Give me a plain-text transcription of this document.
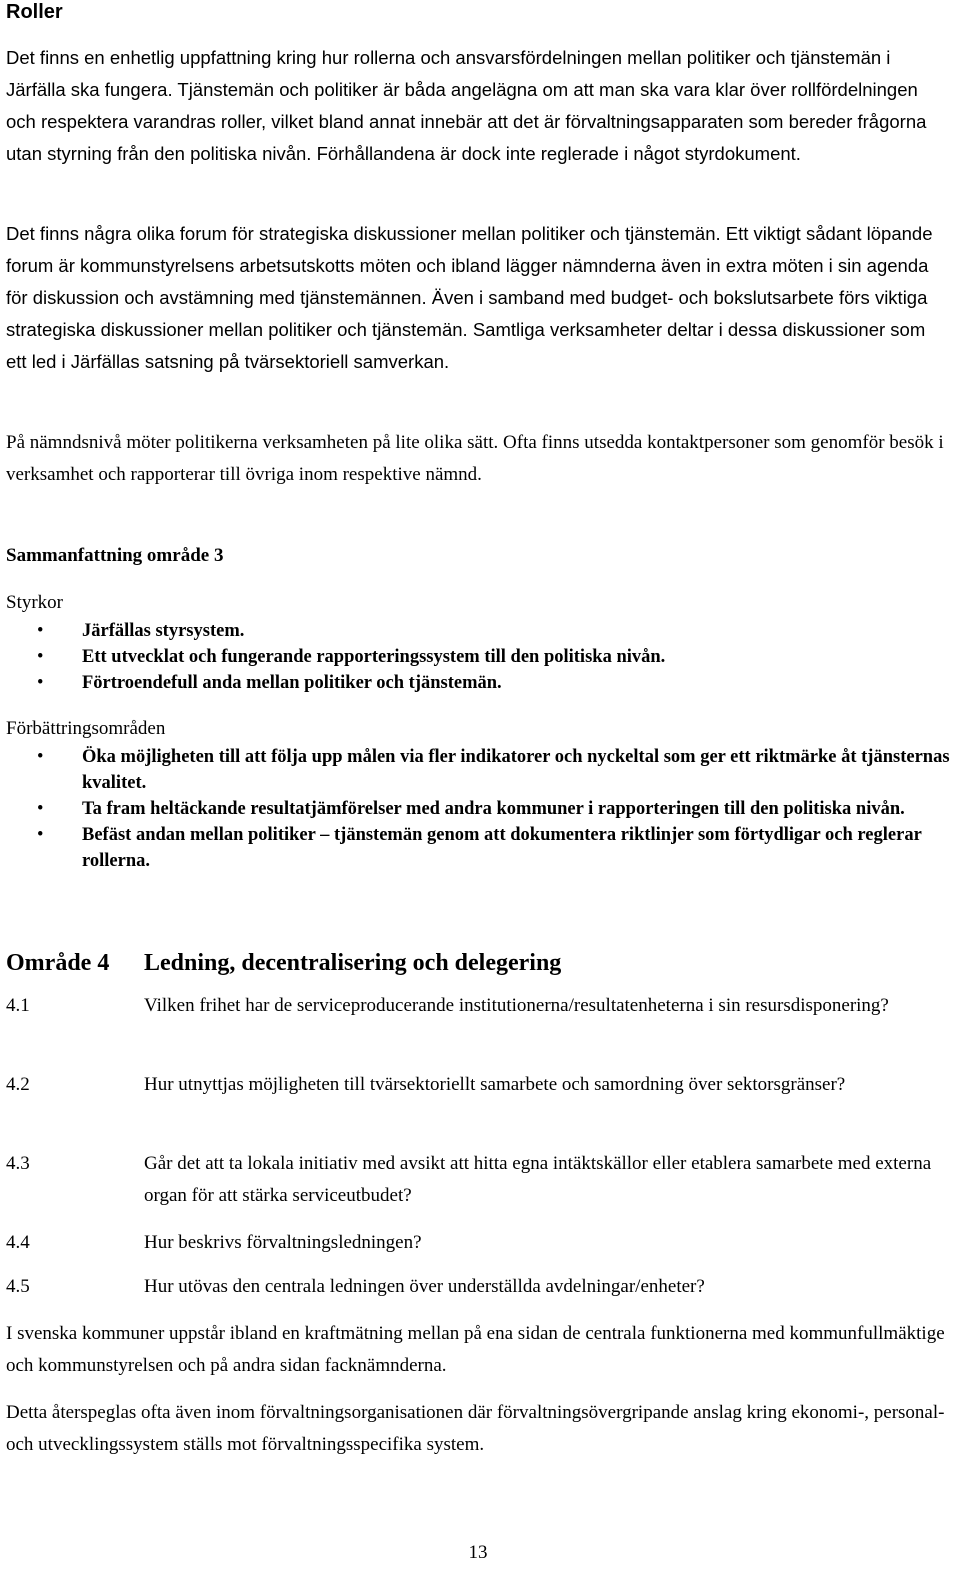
Roller

Det finns en enhetlig uppfattning kring hur rollerna och ansvarsfördelningen mellan politiker och tjänstemän i Järfälla ska fungera. Tjänstemän och politiker är båda angelägna om att man ska vara klar över rollfördelningen och respektera varandras roller, vilket bland annat innebär att det är förvaltningsapparaten som bereder frågorna utan styrning från den politiska nivån. Förhållandena är dock inte reglerade i något styrdokument.

Det finns några olika forum för strategiska diskussioner mellan politiker och tjänstemän. Ett viktigt sådant löpande forum är kommunstyrelsens arbetsutskotts möten och ibland lägger nämnderna även in extra möten i sin agenda för diskussion och avstämning med tjänstemännen. Även i samband med budget- och bokslutsarbete förs viktiga strategiska diskussioner mellan politiker och tjänstemän. Samtliga verksamheter deltar i dessa diskussioner som ett led i Järfällas satsning på tvärsektoriell samverkan.

På nämndsnivå möter politikerna verksamheten på lite olika sätt. Ofta finns utsedda kontaktpersoner som genomför besök i verksamhet och rapporterar till övriga inom respektive nämnd.

Sammanfattning område 3

Styrkor

• Järfällas styrsystem.
• Ett utvecklat och fungerande rapporteringssystem till den politiska nivån.
• Förtroendefull anda mellan politiker och tjänstemän.

Förbättringsområden

• Öka möjligheten till att följa upp målen via fler indikatorer och nyckeltal som ger ett riktmärke åt tjänsternas kvalitet.
• Ta fram heltäckande resultatjämförelser med andra kommuner i rapporteringen till den politiska nivån.
• Befäst andan mellan politiker – tjänstemän genom att dokumentera riktlinjer som förtydligar och reglerar rollerna.
Område 4 Ledning, decentralisering och delegering
4.1	Vilken frihet har de serviceproducerande institutionerna/resultatenheterna i sin resursdisponering?
4.2	Hur utnyttjas möjligheten till tvärsektoriellt samarbete och samordning över sektorsgränser?
4.3	Går det att ta lokala initiativ med avsikt att hitta egna intäktskällor eller etablera samarbete med externa organ för att stärka serviceutbudet?
4.4	Hur beskrivs förvaltningsledningen?
4.5	Hur utövas den centrala ledningen över underställda avdelningar/enheter?

I svenska kommuner uppstår ibland en kraftmätning mellan på ena sidan de centrala funktionerna med kommunfullmäktige och kommunstyrelsen och på andra sidan facknämnderna.

Detta återspeglas ofta även inom förvaltningsorganisationen där förvaltningsövergripande anslag kring ekonomi-, personal- och utvecklingssystem ställs mot förvaltningsspecifika system.

13
